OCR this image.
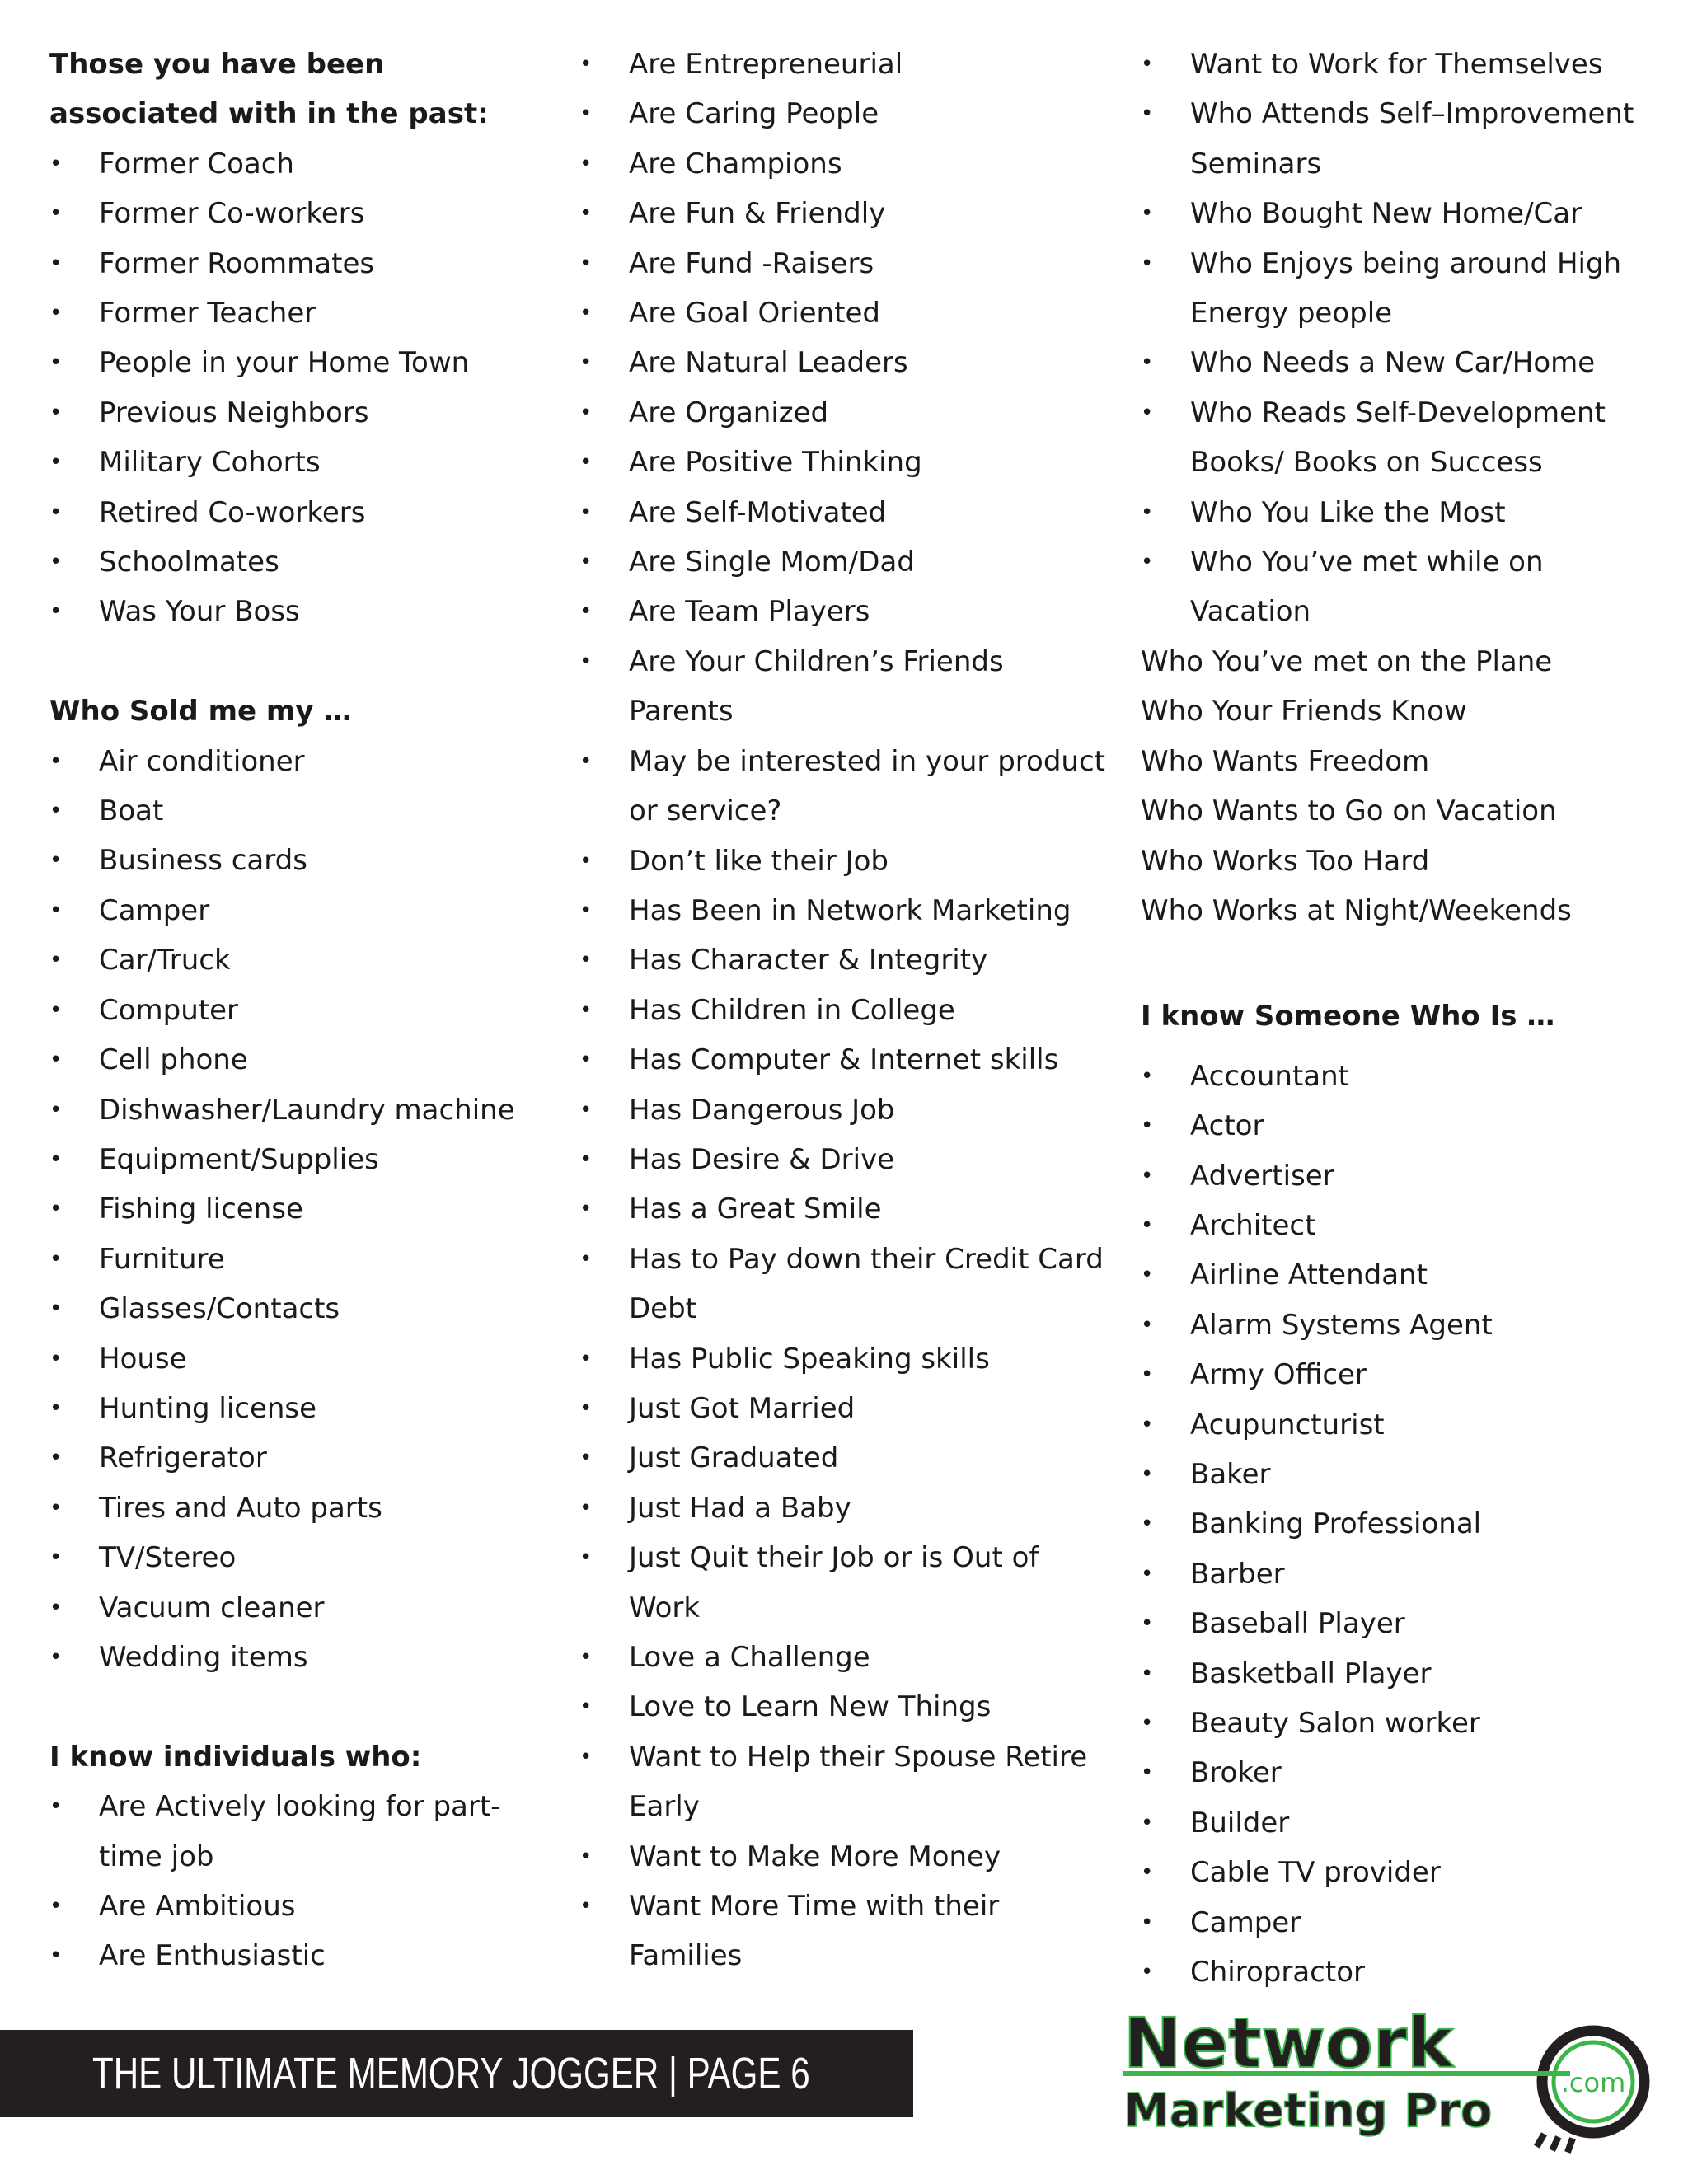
Those you have been associated with in the past:

• Former Coach
• Former Co-workers
• Former Roommates
• Former Teacher
• People in your Home Town
• Previous Neighbors
• Military Cohorts
• Retired Co-workers
• Schoolmates
• Was Your Boss

Who Sold me my …

• Air conditioner
• Boat
• Business cards
• Camper
• Car/Truck
• Computer
• Cell phone
• Dishwasher/Laundry machine
• Equipment/Supplies
• Fishing license
• Furniture
• Glasses/Contacts
• House
• Hunting license
• Refrigerator
• Tires and Auto parts
• TV/Stereo
• Vacuum cleaner
• Wedding items

I know individuals who:

• Are Actively looking for part-time job
• Are Ambitious
• Are Enthusiastic
• Are Entrepreneurial
• Are Caring People
• Are Champions
• Are Fun & Friendly
• Are Fund -Raisers
• Are Goal Oriented
• Are Natural Leaders
• Are Organized
• Are Positive Thinking
• Are Self-Motivated
• Are Single Mom/Dad
• Are Team Players
• Are Your Children’s Friends Parents
• May be interested in your product or service?
• Don’t like their Job
• Has Been in Network Marketing
• Has Character & Integrity
• Has Children in College
• Has Computer & Internet skills
• Has Dangerous Job
• Has Desire & Drive
• Has a Great Smile
• Has to Pay down their Credit Card Debt
• Has Public Speaking skills
• Just Got Married
• Just Graduated
• Just Had a Baby
• Just Quit their Job or is Out of Work
• Love a Challenge
• Love to Learn New Things
• Want to Help their Spouse Retire Early
• Want to Make More Money
• Want More Time with their Families
• Want to Work for Themselves
• Who Attends Self–Improvement Seminars
• Who Bought New Home/Car
• Who Enjoys being around High Energy people
• Who Needs a New Car/Home
• Who Reads Self-Development Books/ Books on Success
• Who You Like the Most
• Who You’ve met while on Vacation
Who You’ve met on the Plane
Who Your Friends Know
Who Wants Freedom
Who Wants to Go on Vacation
Who Works Too Hard
Who Works at Night/Weekends

I know Someone Who Is …

• Accountant
• Actor
• Advertiser
• Architect
• Airline Attendant
• Alarm Systems Agent
• Army Officer
• Acupuncturist
• Baker
• Banking Professional
• Barber
• Baseball Player
• Basketball Player
• Beauty Salon worker
• Broker
• Builder
• Cable TV provider
• Camper
• Chiropractor
THE ULTIMATE MEMORY JOGGER | PAGE 6	Network
Marketing Pro
.com
